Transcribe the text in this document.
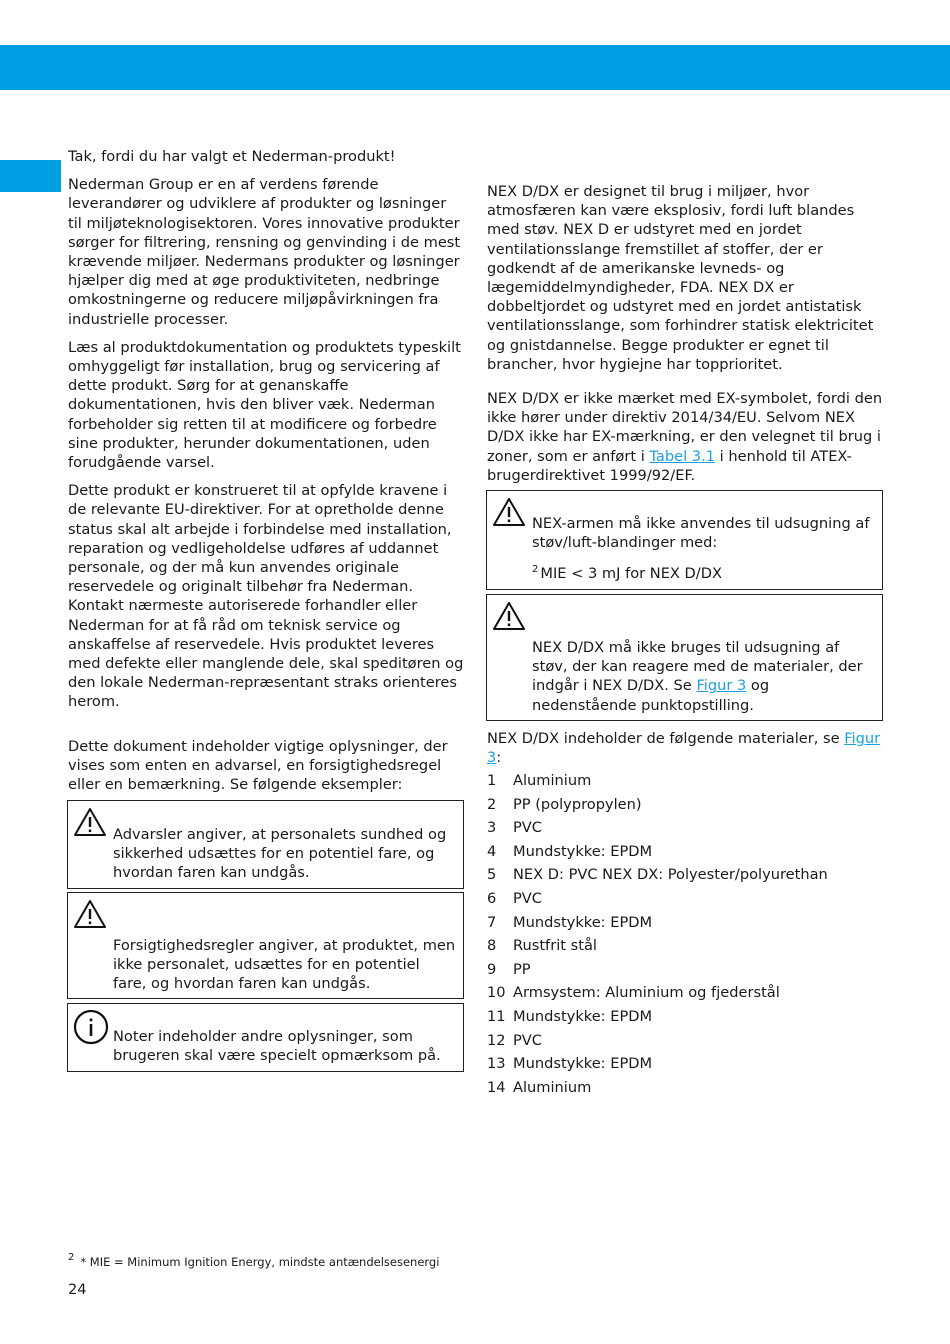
Tak, fordi du har valgt et Nederman-produkt!

Nederman Group er en af verdens førende leverandører og udviklere af produkter og løsninger til miljøteknologisektoren. Vores innovative produkter sørger for filtrering, rensning og genvinding i de mest krævende miljøer. Nedermans produkter og løsninger hjælper dig med at øge produktiviteten, nedbringe omkostningerne og reducere miljøpåvirkningen fra industrielle processer.

Læs al produktdokumentation og produktets typeskilt omhyggeligt før installation, brug og servicering af dette produkt. Sørg for at genanskaffe dokumentationen, hvis den bliver væk. Nederman forbeholder sig retten til at modificere og forbedre sine produkter, herunder dokumentationen, uden forudgående varsel.

Dette produkt er konstrueret til at opfylde kravene i de relevante EU-direktiver. For at opretholde denne status skal alt arbejde i forbindelse med installation, reparation og vedligeholdelse udføres af uddannet personale, og der må kun anvendes originale reservedele og originalt tilbehør fra Nederman. Kontakt nærmeste autoriserede forhandler eller Nederman for at få råd om teknisk service og anskaffelse af reservedele. Hvis produktet leveres med defekte eller manglende dele, skal speditøren og den lokale Nederman-repræsentant straks orienteres herom.

Dette dokument indeholder vigtige oplysninger, der vises som enten en advarsel, en forsigtighedsregel eller en bemærkning. Se følgende eksempler:

Advarsler angiver, at personalets sundhed og sikkerhed udsættes for en potentiel fare, og hvordan faren kan undgås.

Forsigtighedsregler angiver, at produktet, men ikke personalet, udsættes for en potentiel fare, og hvordan faren kan undgås.

Noter indeholder andre oplysninger, som brugeren skal være specielt opmærksom på.

NEX D/DX er designet til brug i miljøer, hvor atmosfæren kan være eksplosiv, fordi luft blandes med støv. NEX D er udstyret med en jordet ventilationsslange fremstillet af stoffer, der er godkendt af de amerikanske levneds- og lægemiddelmyndigheder, FDA. NEX DX er dobbeltjordet og udstyret med en jordet antistatisk ventilationsslange, som forhindrer statisk elektricitet og gnistdannelse. Begge produkter er egnet til brancher, hvor hygiejne har topprioritet.

NEX D/DX er ikke mærket med EX-symbolet, fordi den ikke hører under direktiv 2014/34/EU. Selvom NEX D/DX ikke har EX-mærkning, er den velegnet til brug i zoner, som er anført i Tabel 3.1 i henhold til ATEX-brugerdirektivet 1999/92/EF.

NEX-armen må ikke anvendes til udsugning af støv/luft-blandinger med:

$^2$ MIE < 3 mJ for NEX D/DX

NEX D/DX må ikke bruges til udsugning af støv, der kan reagere med de materialer, der indgår i NEX D/DX. Se Figur 3 og nedenstående punktopstilling.

NEX D/DX indeholder de følgende materialer, se Figur 3:

1	Aluminium
2	PP (polypropylen)
3	PVC
4	Mundstykke: EPDM
5	NEX D: PVC NEX DX: Polyester/polyurethan
6	PVC
7	Mundstykke: EPDM
8	Rustfrit stål
9	PP
10 Armsystem: Aluminium og fjederstål
11 Mundstykke: EPDM
12 PVC
13 Mundstykke: EPDM
14 Aluminium
2 * MIE = Minimum Ignition Energy, mindste antændelsesenergi
24
